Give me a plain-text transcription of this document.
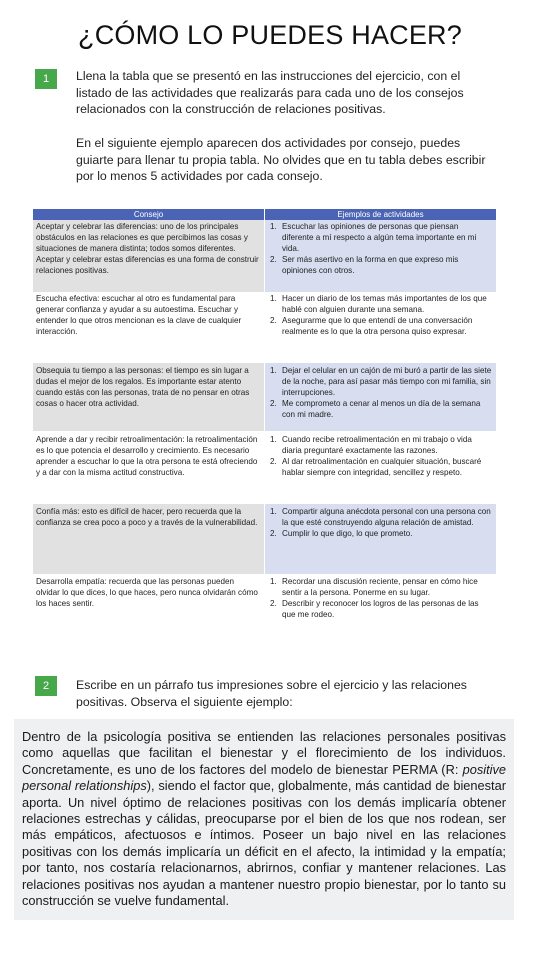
¿CÓMO LO PUEDES HACER?
1	Llena la tabla que se presentó en las instrucciones del ejercicio, con el listado de las actividades que realizarás para cada uno de los consejos relacionados con la construcción de relaciones positivas.
En el siguiente ejemplo aparecen dos actividades por consejo, puedes guiarte para llenar tu propia tabla. No olvides que en tu tabla debes escribir por lo menos 5 actividades por cada consejo.
Consejo	Ejemplos de actividades
Aceptar y celebrar las diferencias: uno de los principales obstáculos en las relaciones es que percibimos las cosas y situaciones de manera distinta; todos somos diferentes. Aceptar y celebrar estas diferencias es una forma de construir relaciones positivas.
1. Escuchar las opiniones de personas que piensan diferente a mí respecto a algún tema importante en mi vida.
2. Ser más asertivo en la forma en que expreso mis opiniones con otros.
Escucha efectiva: escuchar al otro es fundamental para generar confianza y ayudar a su autoestima. Escuchar y entender lo que otros mencionan es la clave de cualquier interacción.
1. Hacer un diario de los temas más importantes de los que hablé con alguien durante una semana.
2. Asegurarme que lo que entendí de una conversación realmente es lo que la otra persona quiso expresar.
Obsequia tu tiempo a las personas: el tiempo es sin lugar a dudas el mejor de los regalos. Es importante estar atento cuando estás con las personas, trata de no pensar en otras cosas o hacer otra actividad.
1. Dejar el celular en un cajón de mi buró a partir de las siete de la noche, para así pasar más tiempo con mi familia, sin interrupciones.
2. Me comprometo a cenar al menos un día de la semana con mi madre.
Aprende a dar y recibir retroalimentación: la retroalimentación es lo que potencia el desarrollo y crecimiento. Es necesario aprender a escuchar lo que la otra persona te está ofreciendo y a dar con la misma actitud constructiva.
1. Cuando recibe retroalimentación en mi trabajo o vida diaria preguntaré exactamente las razones.
2. Al dar retroalimentación en cualquier situación, buscaré hablar siempre con integridad, sencillez y respeto.
Confía más: esto es difícil de hacer, pero recuerda que la confianza se crea poco a poco y a través de la vulnerabilidad.
1. Compartir alguna anécdota personal con una persona con la que esté construyendo alguna relación de amistad.
2. Cumplir lo que digo, lo que prometo.
Desarrolla empatía: recuerda que las personas pueden olvidar lo que dices, lo que haces, pero nunca olvidarán cómo los haces sentir.
1. Recordar una discusión reciente, pensar en cómo hice sentir a la persona. Ponerme en su lugar.
2. Describir y reconocer los logros de las personas de las que me rodeo.
2	Escribe en un párrafo tus impresiones sobre el ejercicio y las relaciones positivas. Observa el siguiente ejemplo:
Dentro de la psicología positiva se entienden las relaciones personales positivas como aquellas que facilitan el bienestar y el florecimiento de los individuos. Concretamente, es uno de los factores del modelo de bienestar PERMA (R: positive personal relationships), siendo el factor que, globalmente, más cantidad de bienestar aporta. Un nivel óptimo de relaciones positivas con los demás implicaría obtener relaciones estrechas y cálidas, preocuparse por el bien de los que nos rodean, ser más empáticos, afectuosos e íntimos. Poseer un bajo nivel en las relaciones positivas con los demás implicaría un déficit en el afecto, la intimidad y la empatía; por tanto, nos costaría relacionarnos, abrirnos, confiar y mantener relaciones. Las relaciones positivas nos ayudan a mantener nuestro propio bienestar, por lo tanto su construcción se vuelve fundamental.
